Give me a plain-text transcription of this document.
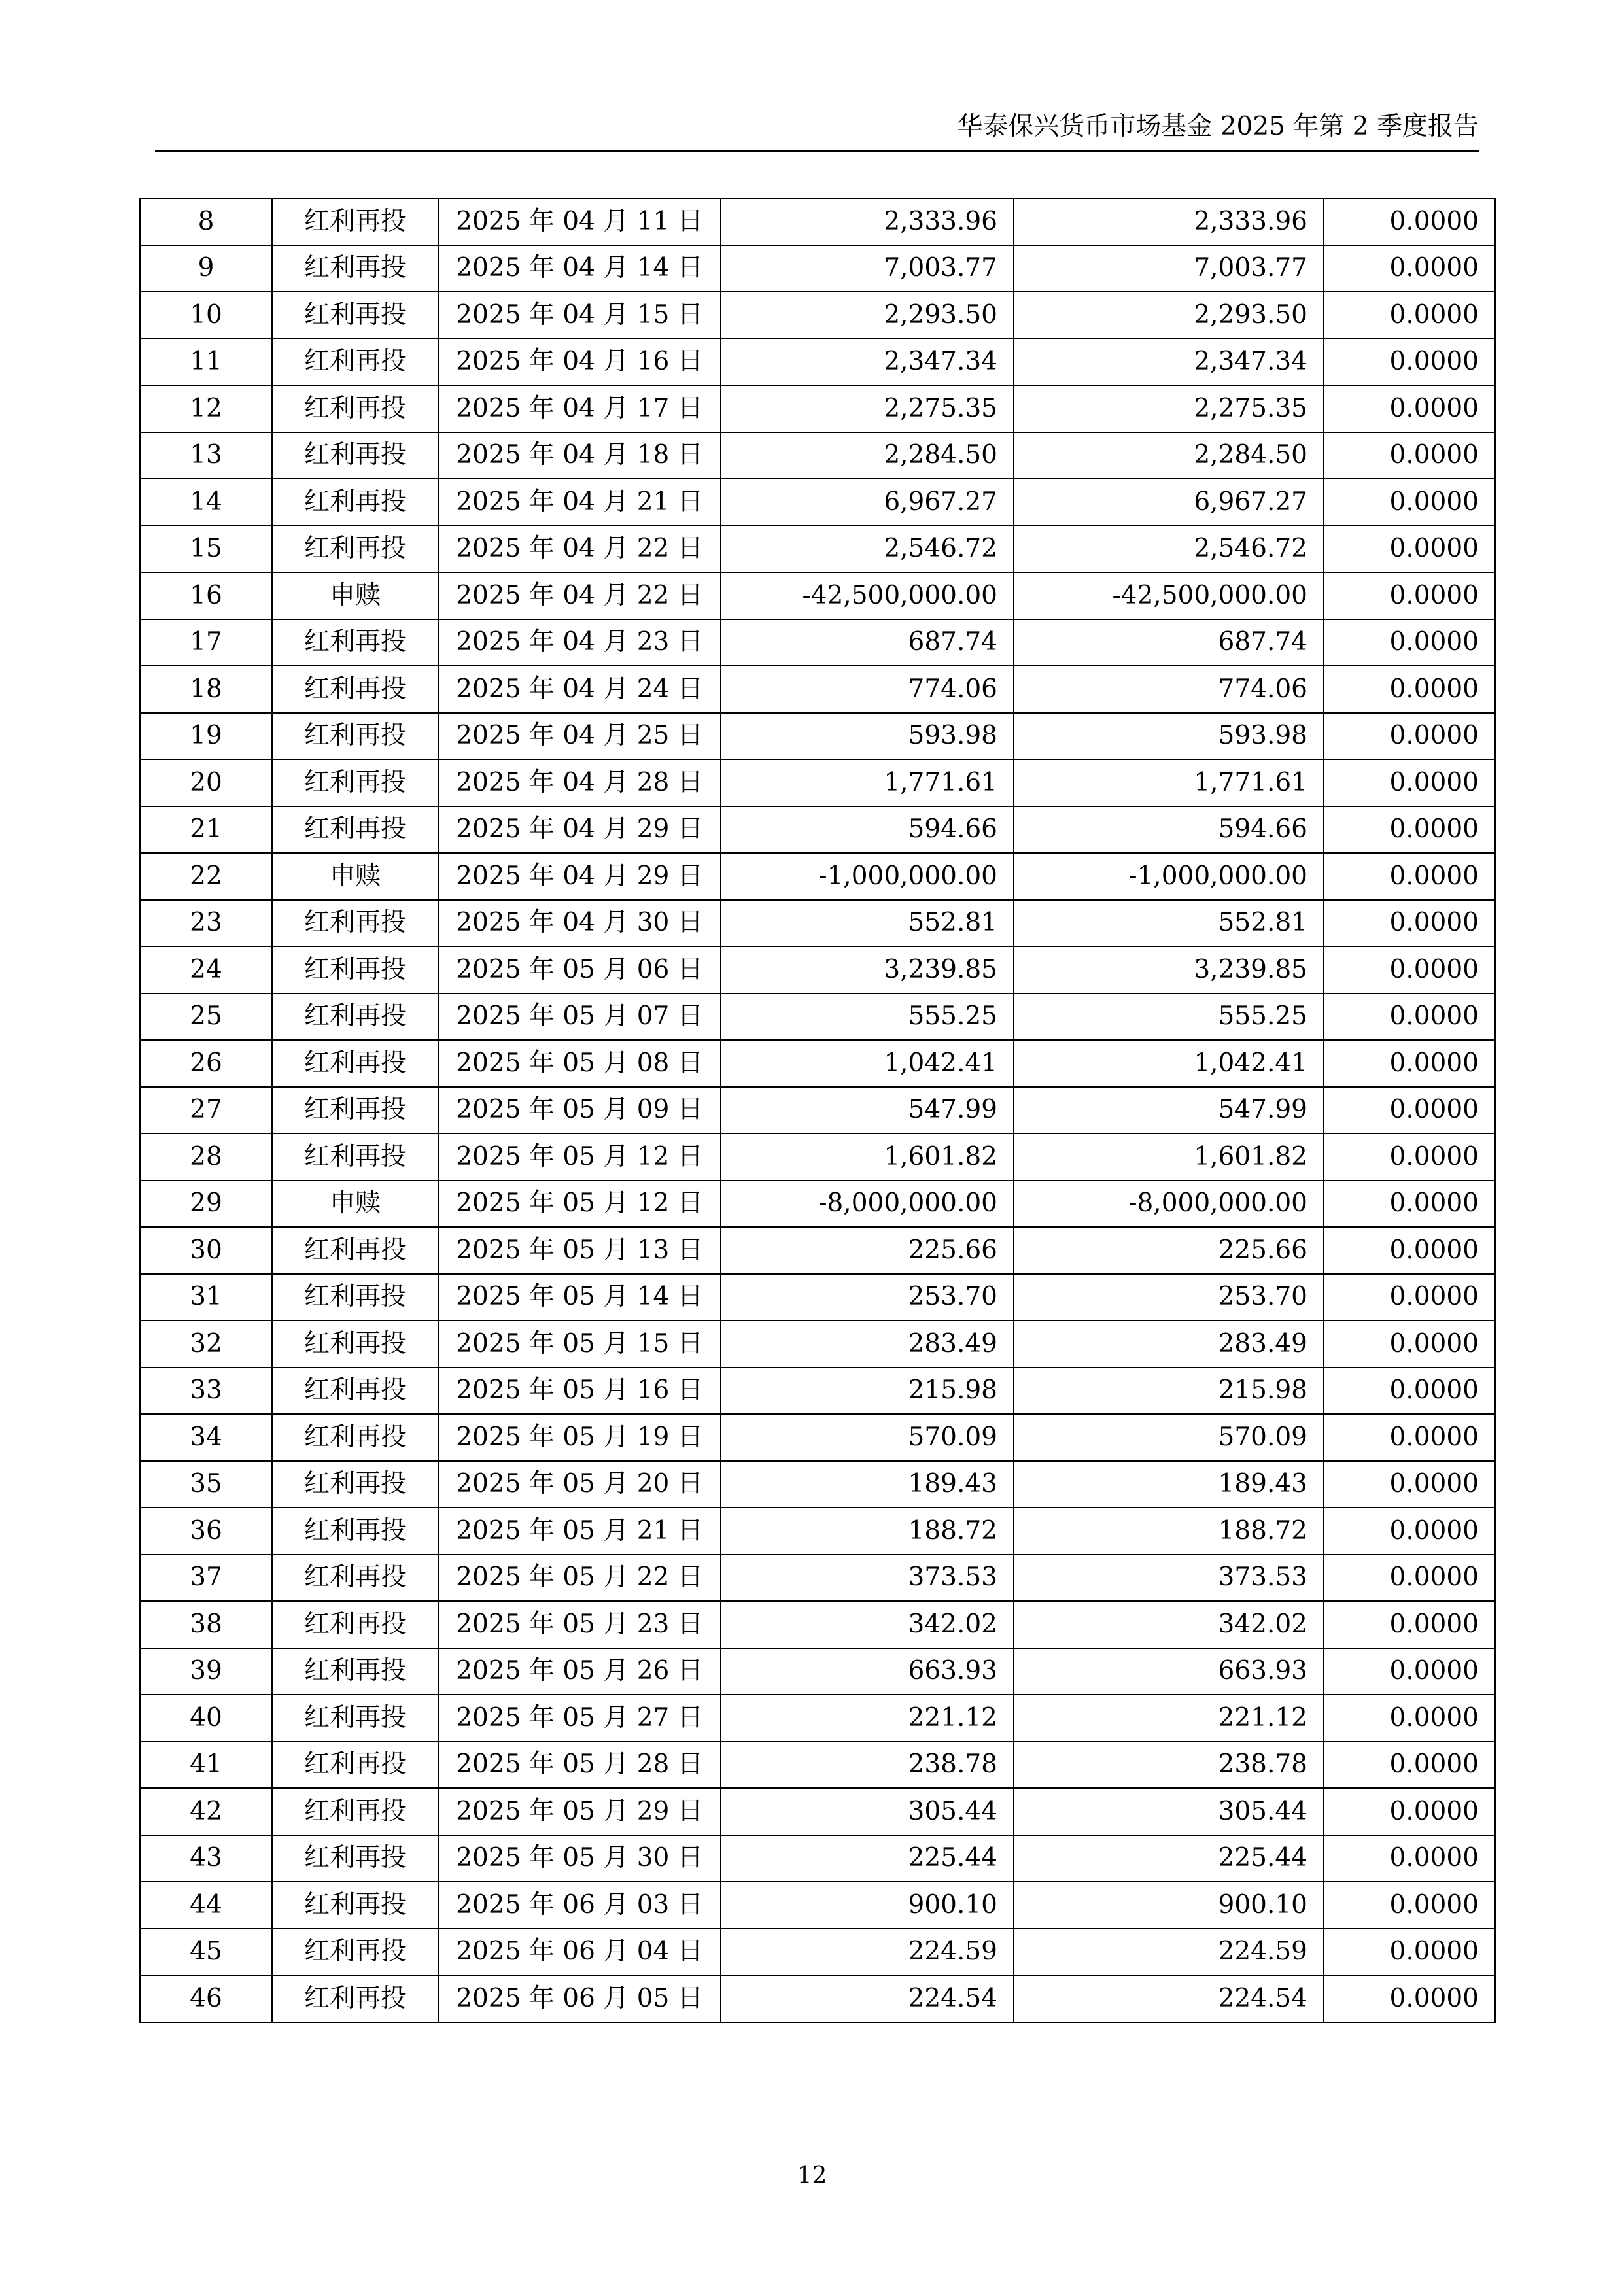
华泰保兴货币市场基金 2025 年第 2 季度报告
8	红利再投	2025 年 04 月 11 日	2,333.96	2,333.96	0.0000
9	红利再投	2025 年 04 月 14 日	7,003.77	7,003.77	0.0000
10	红利再投	2025 年 04 月 15 日	2,293.50	2,293.50	0.0000
11	红利再投	2025 年 04 月 16 日	2,347.34	2,347.34	0.0000
12	红利再投	2025 年 04 月 17 日	2,275.35	2,275.35	0.0000
13	红利再投	2025 年 04 月 18 日	2,284.50	2,284.50	0.0000
14	红利再投	2025 年 04 月 21 日	6,967.27	6,967.27	0.0000
15	红利再投	2025 年 04 月 22 日	2,546.72	2,546.72	0.0000
16	申赎	2025 年 04 月 22 日	-42,500,000.00	-42,500,000.00	0.0000
17	红利再投	2025 年 04 月 23 日	687.74	687.74	0.0000
18	红利再投	2025 年 04 月 24 日	774.06	774.06	0.0000
19	红利再投	2025 年 04 月 25 日	593.98	593.98	0.0000
20	红利再投	2025 年 04 月 28 日	1,771.61	1,771.61	0.0000
21	红利再投	2025 年 04 月 29 日	594.66	594.66	0.0000
22	申赎	2025 年 04 月 29 日	-1,000,000.00	-1,000,000.00	0.0000
23	红利再投	2025 年 04 月 30 日	552.81	552.81	0.0000
24	红利再投	2025 年 05 月 06 日	3,239.85	3,239.85	0.0000
25	红利再投	2025 年 05 月 07 日	555.25	555.25	0.0000
26	红利再投	2025 年 05 月 08 日	1,042.41	1,042.41	0.0000
27	红利再投	2025 年 05 月 09 日	547.99	547.99	0.0000
28	红利再投	2025 年 05 月 12 日	1,601.82	1,601.82	0.0000
29	申赎	2025 年 05 月 12 日	-8,000,000.00	-8,000,000.00	0.0000
30	红利再投	2025 年 05 月 13 日	225.66	225.66	0.0000
31	红利再投	2025 年 05 月 14 日	253.70	253.70	0.0000
32	红利再投	2025 年 05 月 15 日	283.49	283.49	0.0000
33	红利再投	2025 年 05 月 16 日	215.98	215.98	0.0000
34	红利再投	2025 年 05 月 19 日	570.09	570.09	0.0000
35	红利再投	2025 年 05 月 20 日	189.43	189.43	0.0000
36	红利再投	2025 年 05 月 21 日	188.72	188.72	0.0000
37	红利再投	2025 年 05 月 22 日	373.53	373.53	0.0000
38	红利再投	2025 年 05 月 23 日	342.02	342.02	0.0000
39	红利再投	2025 年 05 月 26 日	663.93	663.93	0.0000
40	红利再投	2025 年 05 月 27 日	221.12	221.12	0.0000
41	红利再投	2025 年 05 月 28 日	238.78	238.78	0.0000
42	红利再投	2025 年 05 月 29 日	305.44	305.44	0.0000
43	红利再投	2025 年 05 月 30 日	225.44	225.44	0.0000
44	红利再投	2025 年 06 月 03 日	900.10	900.10	0.0000
45	红利再投	2025 年 06 月 04 日	224.59	224.59	0.0000
46	红利再投	2025 年 06 月 05 日	224.54	224.54	0.0000
12
